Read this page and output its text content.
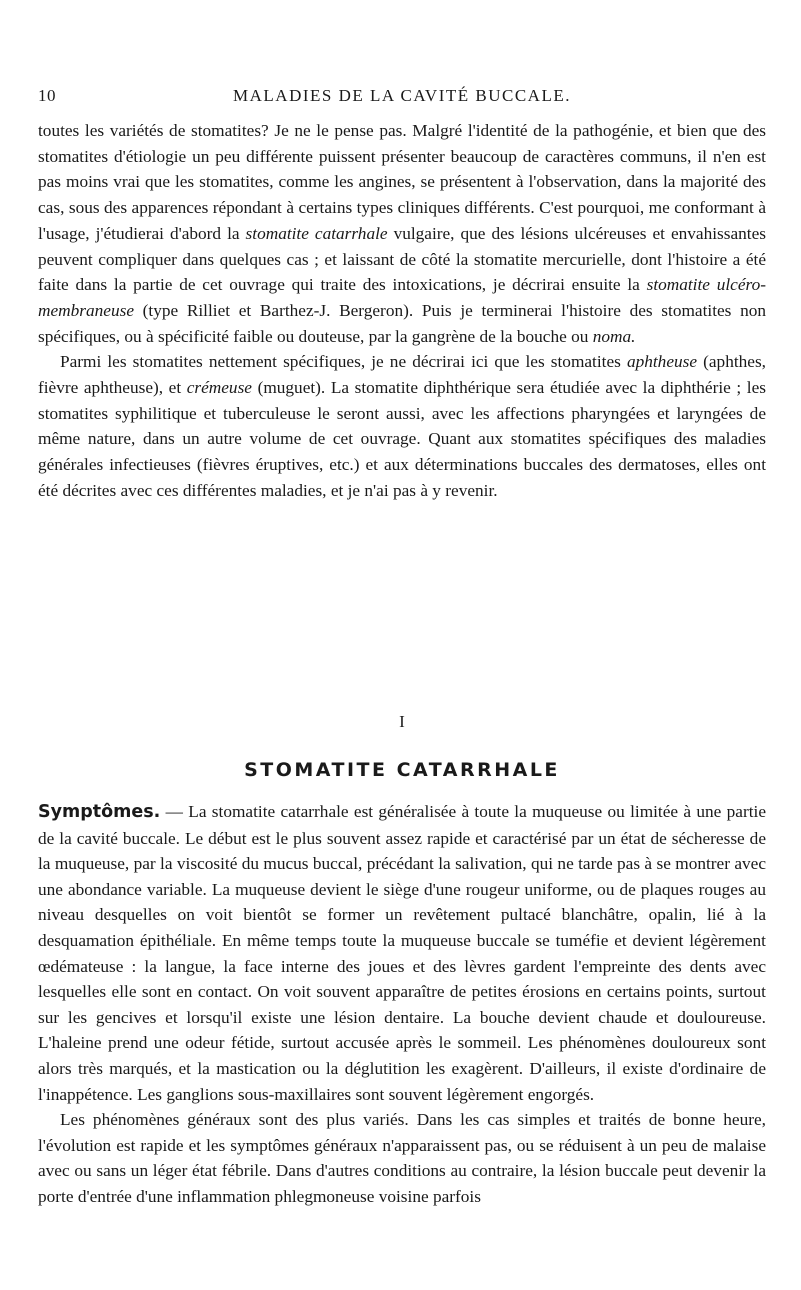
10	MALADIES DE LA CAVITÉ BUCCALE.

toutes les variétés de stomatites? Je ne le pense pas. Malgré l'identité de la pathogénie, et bien que des stomatites d'étiologie un peu différente puissent présenter beaucoup de caractères communs, il n'en est pas moins vrai que les stomatites, comme les angines, se présentent à l'observation, dans la majorité des cas, sous des apparences répondant à certains types cliniques différents. C'est pourquoi, me conformant à l'usage, j'étudierai d'abord la stomatite catarrhale vulgaire, que des lésions ulcéreuses et envahissantes peuvent compliquer dans quelques cas ; et laissant de côté la stomatite mercurielle, dont l'histoire a été faite dans la partie de cet ouvrage qui traite des intoxications, je décrirai ensuite la stomatite ulcéro-membraneuse (type Rilliet et Barthez-J. Bergeron). Puis je terminerai l'histoire des stomatites non spécifiques, ou à spécificité faible ou douteuse, par la gangrène de la bouche ou noma.

Parmi les stomatites nettement spécifiques, je ne décrirai ici que les stomatites aphtheuse (aphthes, fièvre aphtheuse), et crémeuse (muguet). La stomatite diphthérique sera étudiée avec la diphthérie ; les stomatites syphilitique et tuberculeuse le seront aussi, avec les affections pharyngées et laryngées de même nature, dans un autre volume de cet ouvrage. Quant aux stomatites spécifiques des maladies générales infectieuses (fièvres éruptives, etc.) et aux déterminations buccales des dermatoses, elles ont été décrites avec ces différentes maladies, et je n'ai pas à y revenir.

I
STOMATITE CATARRHALE

Symptômes. — La stomatite catarrhale est généralisée à toute la muqueuse ou limitée à une partie de la cavité buccale. Le début est le plus souvent assez rapide et caractérisé par un état de sécheresse de la muqueuse, par la viscosité du mucus buccal, précédant la salivation, qui ne tarde pas à se montrer avec une abondance variable. La muqueuse devient le siège d'une rougeur uniforme, ou de plaques rouges au niveau desquelles on voit bientôt se former un revêtement pultacé blanchâtre, opalin, lié à la desquamation épithéliale. En même temps toute la muqueuse buccale se tuméfie et devient légèrement œdémateuse : la langue, la face interne des joues et des lèvres gardent l'empreinte des dents avec lesquelles elle sont en contact. On voit souvent apparaître de petites érosions en certains points, surtout sur les gencives et lorsqu'il existe une lésion dentaire. La bouche devient chaude et douloureuse. L'haleine prend une odeur fétide, surtout accusée après le sommeil. Les phénomènes douloureux sont alors très marqués, et la mastication ou la déglutition les exagèrent. D'ailleurs, il existe d'ordinaire de l'inappétence. Les ganglions sous-maxillaires sont souvent légèrement engorgés.

Les phénomènes généraux sont des plus variés. Dans les cas simples et traités de bonne heure, l'évolution est rapide et les symptômes généraux n'apparaissent pas, ou se réduisent à un peu de malaise avec ou sans un léger état fébrile. Dans d'autres conditions au contraire, la lésion buccale peut devenir la porte d'entrée d'une inflammation phlegmoneuse voisine parfois
